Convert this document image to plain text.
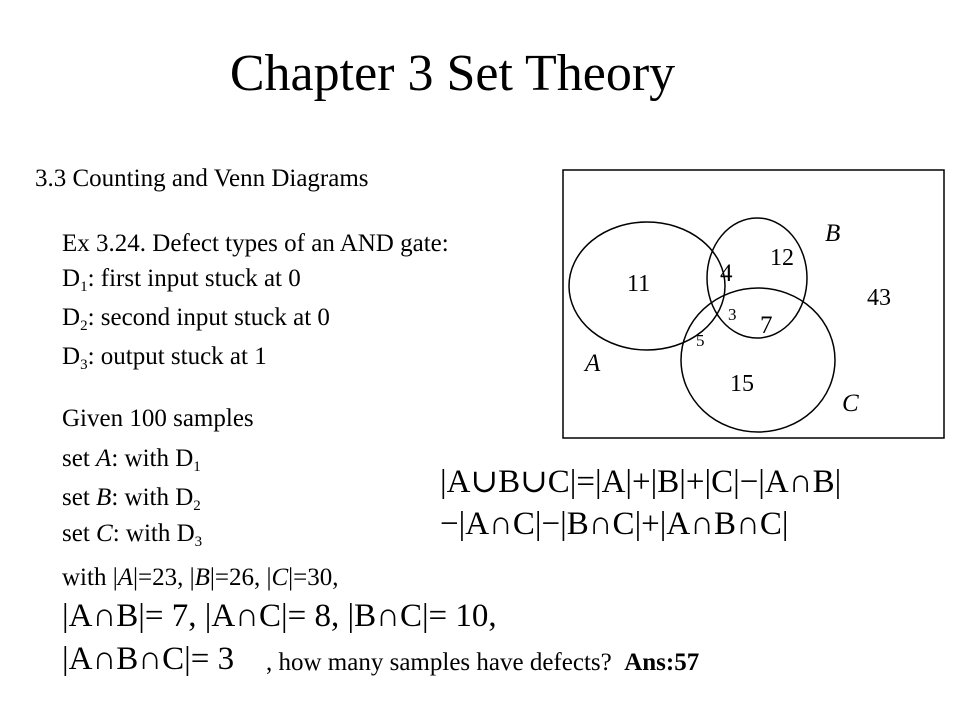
Chapter 3 Set Theory
3.3 Counting and Venn Diagrams
Ex 3.24. Defect types of an AND gate:
$D_1$: first input stuck at 0
$D_2$: second input stuck at 0
$D_3$: output stuck at 1
Given 100 samples
set A: with $D_1$
set B: with $D_2$
set C: with $D_3$
with |A|=23, |B|=26, |C|=30,
|A∩B|= 7, |A∩C|= 8, |B∩C|= 10,
|A∩B∩C|= 3 , how many samples have defects? Ans:57
|A∪B∪C|=|A|+|B|+|C|−|A∩B|
−|A∩C|−|B∩C|+|A∩B∩C|
B
A
C
11	4
12
3 7
5
15
43
